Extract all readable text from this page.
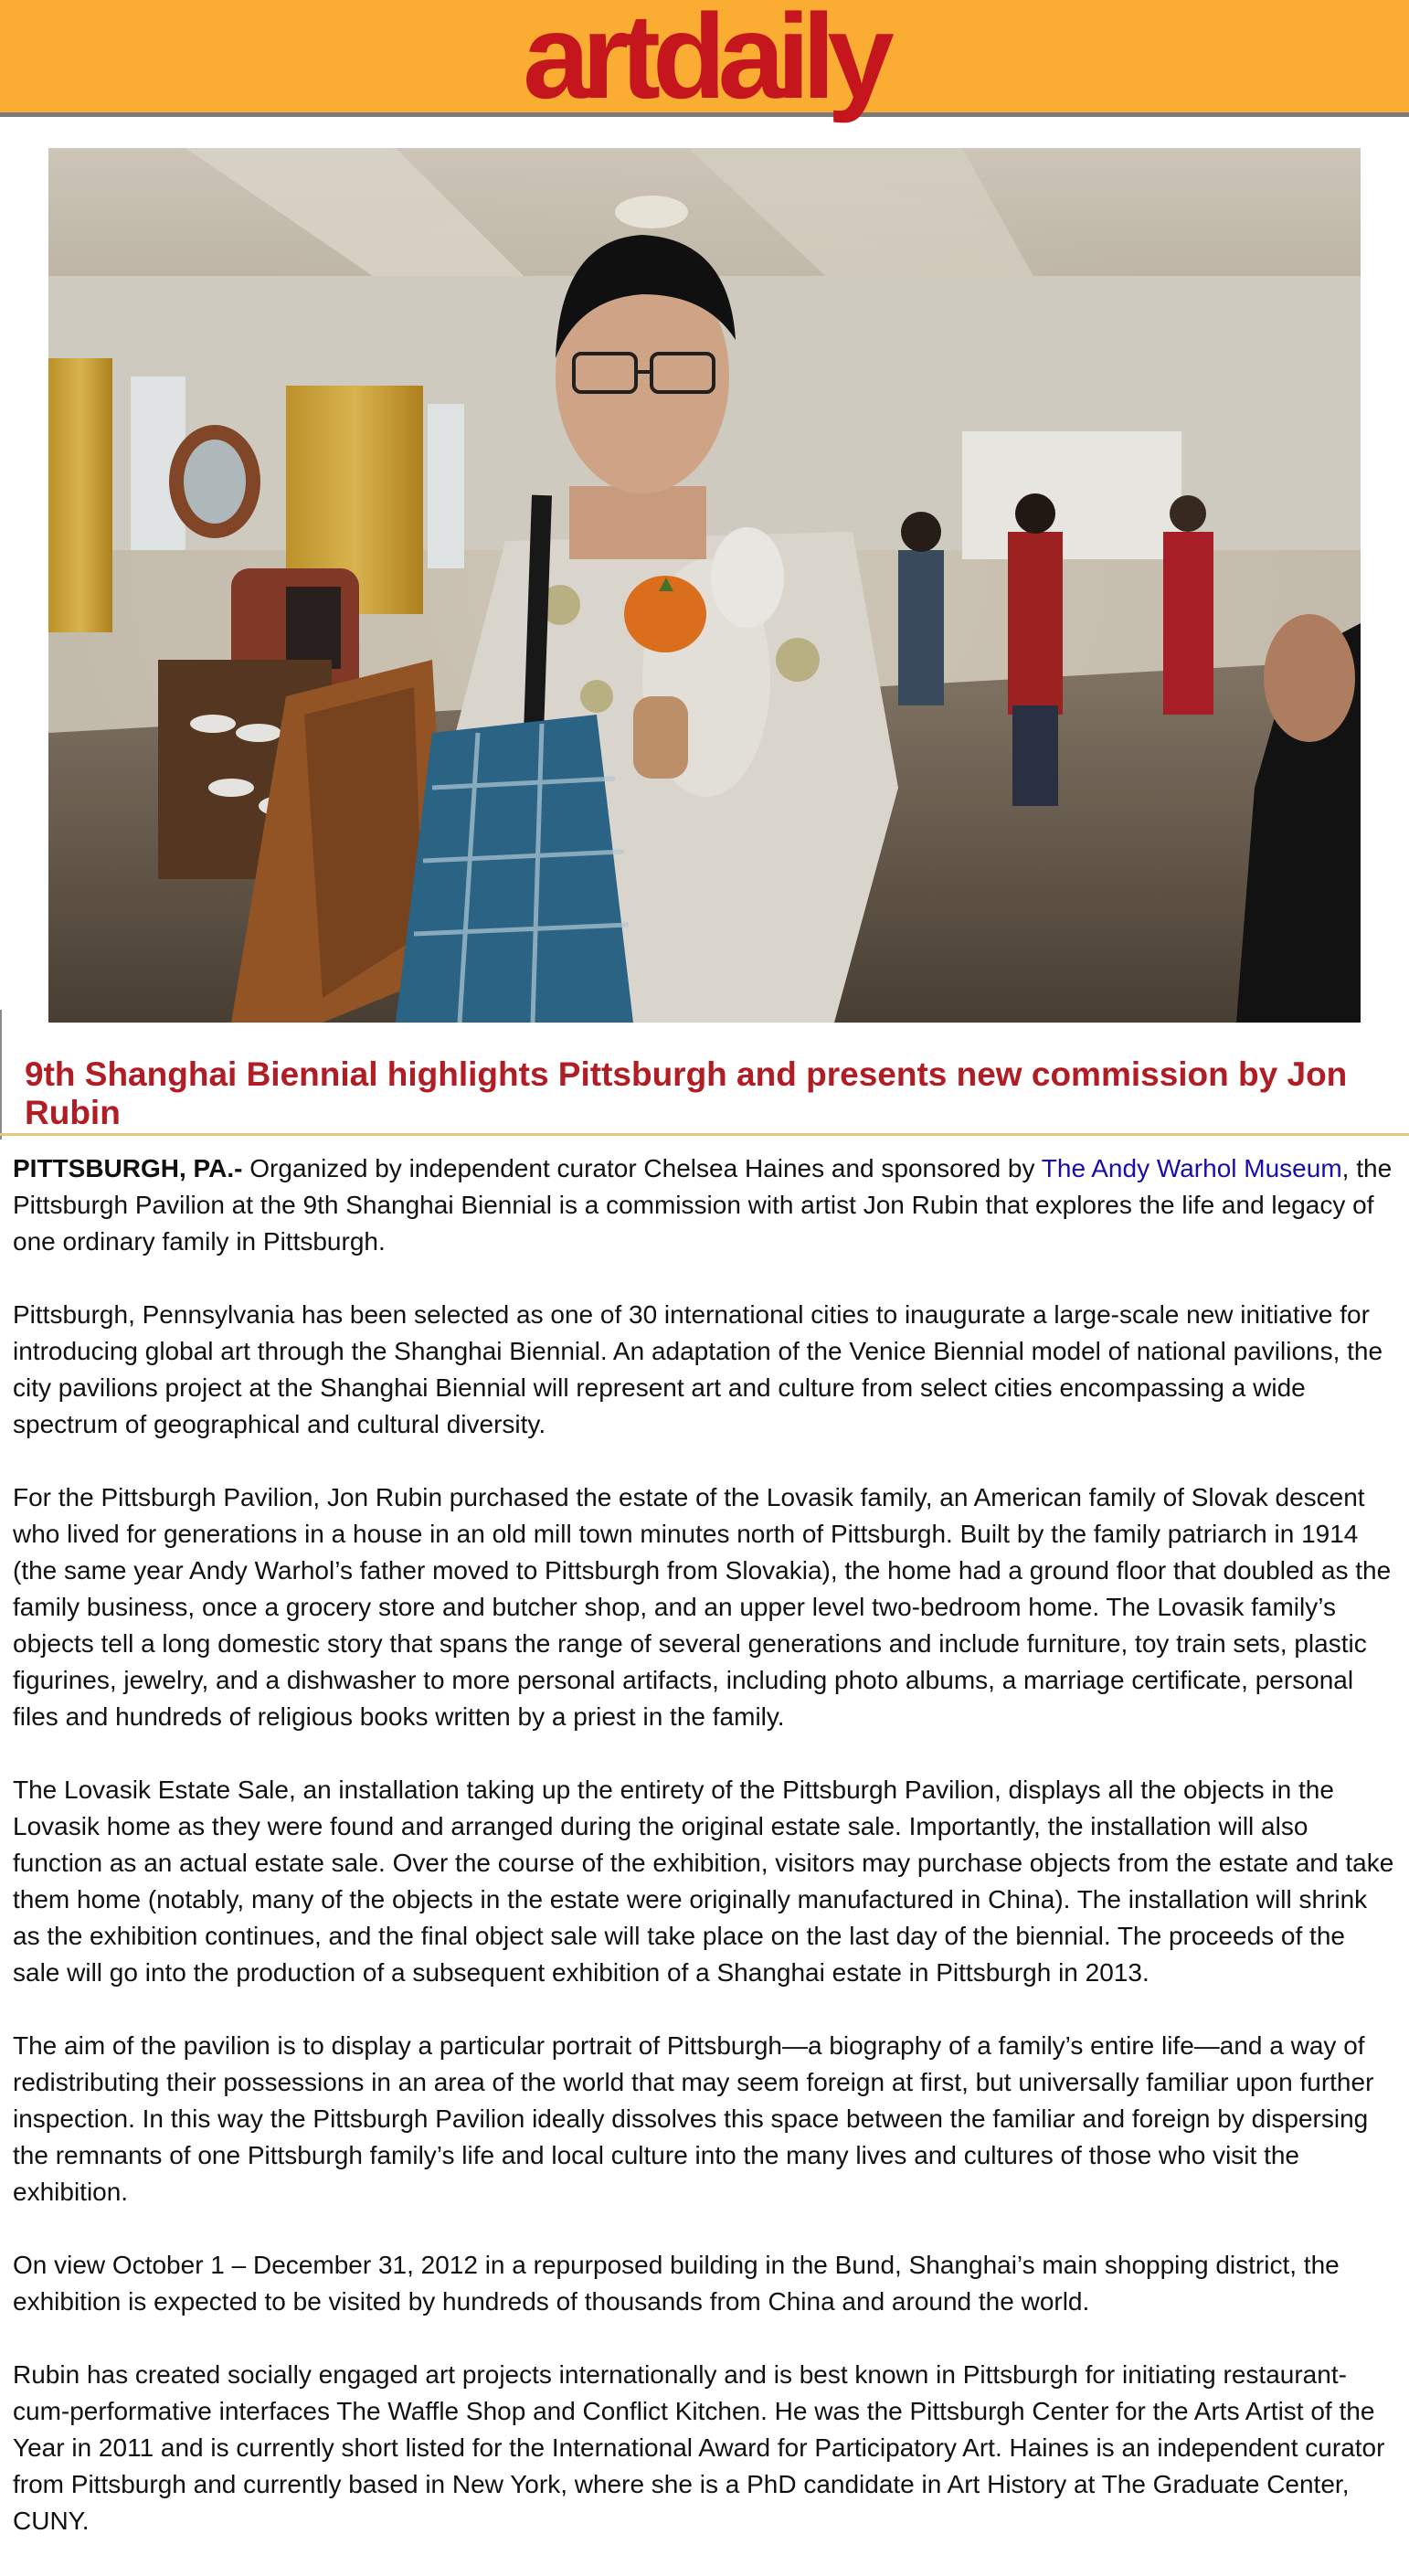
artdaily
9th Shanghai Biennial highlights Pittsburgh and presents new commission by Jon Rubin

PITTSBURGH, PA.- Organized by independent curator Chelsea Haines and sponsored by The Andy Warhol Museum, the Pittsburgh Pavilion at the 9th Shanghai Biennial is a commission with artist Jon Rubin that explores the life and legacy of one ordinary family in Pittsburgh.

Pittsburgh, Pennsylvania has been selected as one of 30 international cities to inaugurate a large-scale new initiative for introducing global art through the Shanghai Biennial. An adaptation of the Venice Biennial model of national pavilions, the city pavilions project at the Shanghai Biennial will represent art and culture from select cities encompassing a wide spectrum of geographical and cultural diversity.

For the Pittsburgh Pavilion, Jon Rubin purchased the estate of the Lovasik family, an American family of Slovak descent who lived for generations in a house in an old mill town minutes north of Pittsburgh. Built by the family patriarch in 1914 (the same year Andy Warhol’s father moved to Pittsburgh from Slovakia), the home had a ground floor that doubled as the family business, once a grocery store and butcher shop, and an upper level two-bedroom home. The Lovasik family’s objects tell a long domestic story that spans the range of several generations and include furniture, toy train sets, plastic figurines, jewelry, and a dishwasher to more personal artifacts, including photo albums, a marriage certificate, personal files and hundreds of religious books written by a priest in the family.

The Lovasik Estate Sale, an installation taking up the entirety of the Pittsburgh Pavilion, displays all the objects in the Lovasik home as they were found and arranged during the original estate sale. Importantly, the installation will also function as an actual estate sale. Over the course of the exhibition, visitors may purchase objects from the estate and take them home (notably, many of the objects in the estate were originally manufactured in China). The installation will shrink as the exhibition continues, and the final object sale will take place on the last day of the biennial. The proceeds of the sale will go into the production of a subsequent exhibition of a Shanghai estate in Pittsburgh in 2013.

The aim of the pavilion is to display a particular portrait of Pittsburgh—a biography of a family’s entire life—and a way of redistributing their possessions in an area of the world that may seem foreign at first, but universally familiar upon further inspection. In this way the Pittsburgh Pavilion ideally dissolves this space between the familiar and foreign by dispersing the remnants of one Pittsburgh family’s life and local culture into the many lives and cultures of those who visit the exhibition.

On view October 1 – December 31, 2012 in a repurposed building in the Bund, Shanghai’s main shopping district, the exhibition is expected to be visited by hundreds of thousands from China and around the world.

Rubin has created socially engaged art projects internationally and is best known in Pittsburgh for initiating restaurant-cum-performative interfaces The Waffle Shop and Conflict Kitchen. He was the Pittsburgh Center for the Arts Artist of the Year in 2011 and is currently short listed for the International Award for Participatory Art. Haines is an independent curator from Pittsburgh and currently based in New York, where she is a PhD candidate in Art History at The Graduate Center, CUNY.
